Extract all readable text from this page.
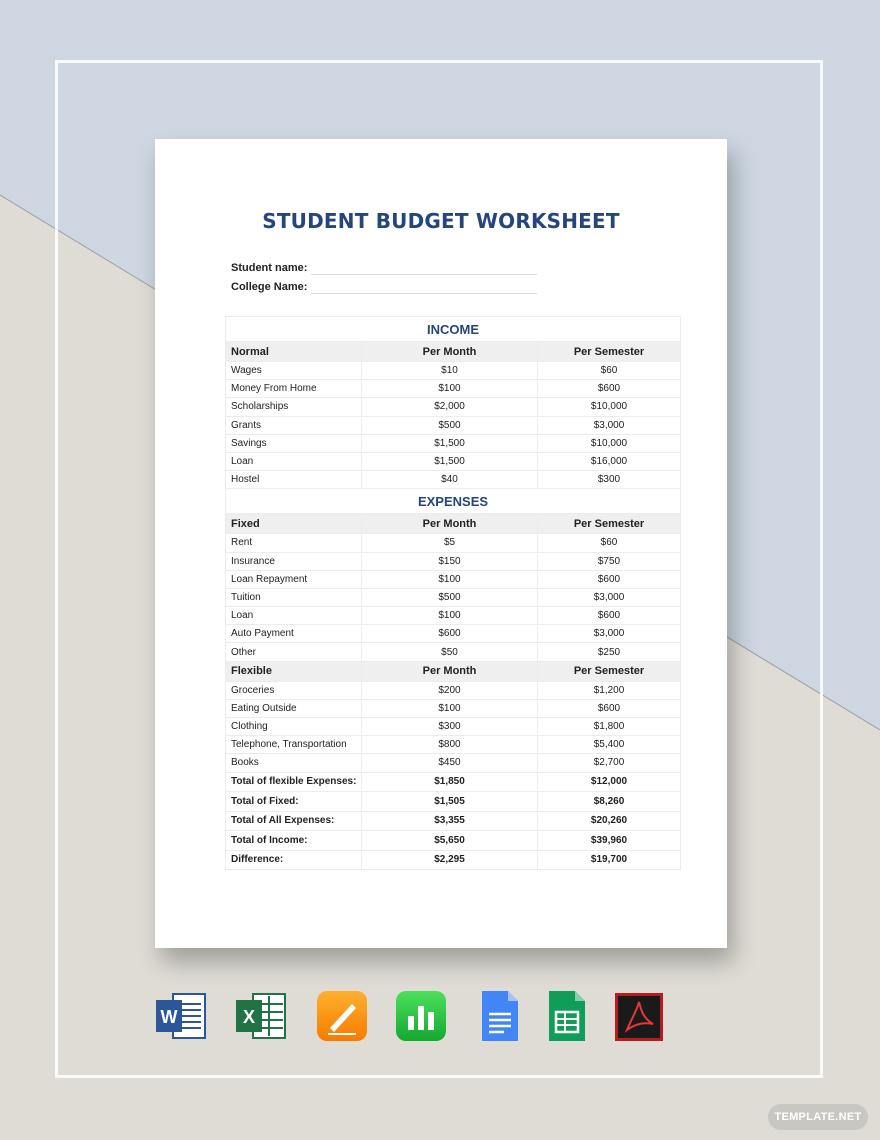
STUDENT BUDGET WORKSHEET
Student name:
College Name:
INCOME		
Normal	Per Month	Per Semester
Wages	$10	$60
Money From Home	$100	$600
Scholarships	$2,000	$10,000
Grants	$500	$3,000
Savings	$1,500	$10,000
Loan	$1,500	$16,000
Hostel	$40	$300
EXPENSES		
Fixed	Per Month	Per Semester
Rent	$5	$60
Insurance	$150	$750
Loan Repayment	$100	$600
Tuition	$500	$3,000
Loan	$100	$600
Auto Payment	$600	$3,000
Other	$50	$250
Flexible	Per Month	Per Semester
Groceries	$200	$1,200
Eating Outside	$100	$600
Clothing	$300	$1,800
Telephone, Transportation	$800	$5,400
Books	$450	$2,700
Total of flexible Expenses:	$1,850	$12,000
Total of Fixed:	$1,505	$8,260
Total of All Expenses:	$3,355	$20,260
Total of Income:	$5,650	$39,960
Difference:	$2,295	$19,700
W	X
TEMPLATE.NET
